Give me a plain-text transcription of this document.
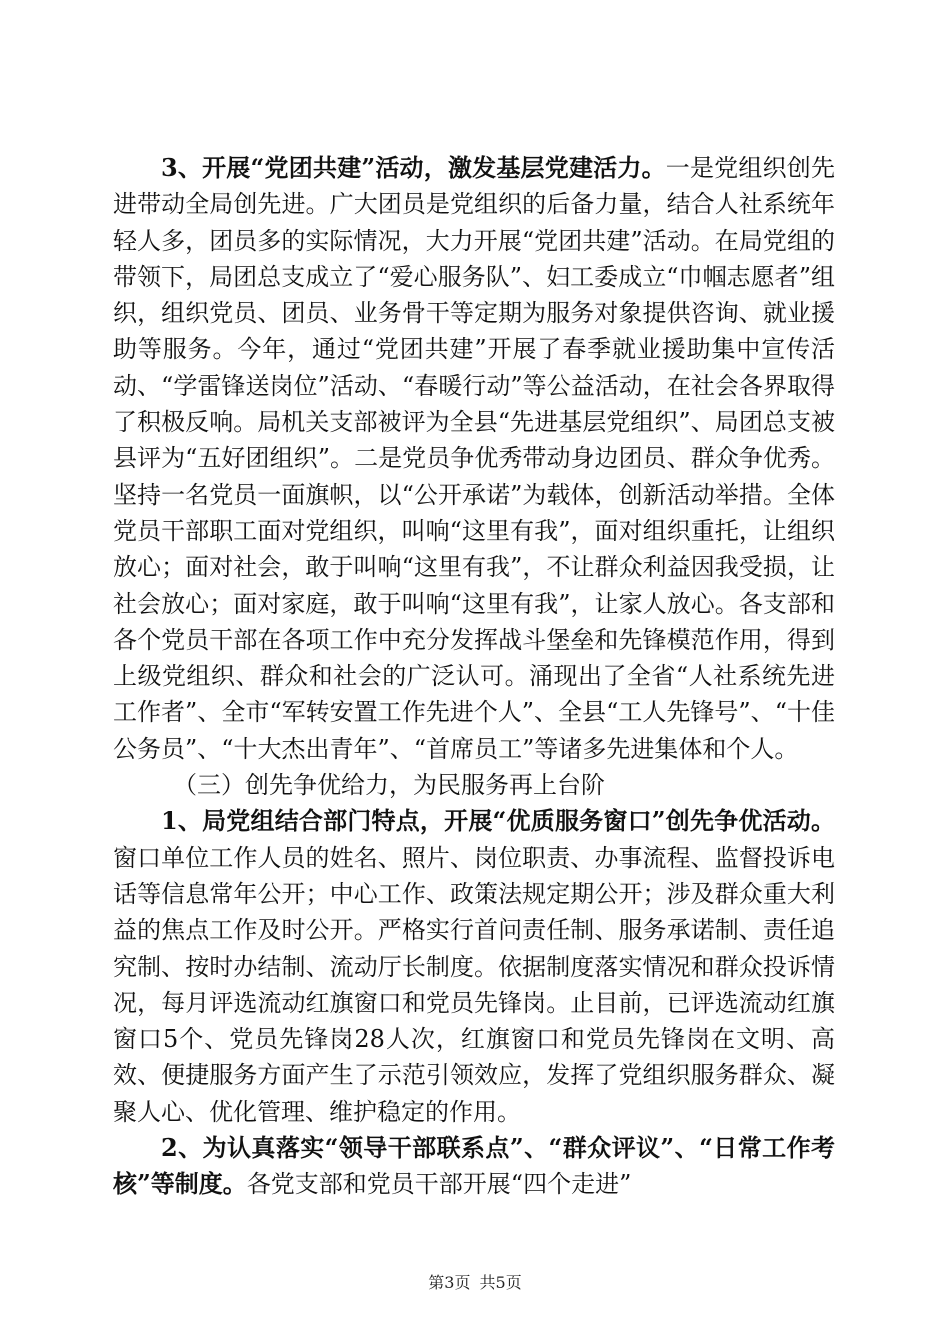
3、开展“党团共建”活动，激发基层党建活力。一是党组织创先进带动全局创先进。广大团员是党组织的后备力量，结合人社系统年轻人多，团员多的实际情况，大力开展“党团共建”活动。在局党组的带领下，局团总支成立了“爱心服务队”、妇工委成立“巾帼志愿者”组织，组织党员、团员、业务骨干等定期为服务对象提供咨询、就业援助等服务。今年，通过“党团共建”开展了春季就业援助集中宣传活动、“学雷锋送岗位”活动、“春暖行动”等公益活动，在社会各界取得了积极反响。局机关支部被评为全县“先进基层党组织”、局团总支被县评为“五好团组织”。二是党员争优秀带动身边团员、群众争优秀。坚持一名党员一面旗帜，以“公开承诺”为载体，创新活动举措。全体党员干部职工面对党组织，叫响“这里有我”，面对组织重托，让组织放心；面对社会，敢于叫响“这里有我”，不让群众利益因我受损，让社会放心；面对家庭，敢于叫响“这里有我”，让家人放心。各支部和各个党员干部在各项工作中充分发挥战斗堡垒和先锋模范作用，得到上级党组织、群众和社会的广泛认可。涌现出了全省“人社系统先进工作者”、全市“军转安置工作先进个人”、全县“工人先锋号”、“十佳公务员”、“十大杰出青年”、“首席员工”等诸多先进集体和个人。

（三）创先争优给力，为民服务再上台阶

1、局党组结合部门特点，开展“优质服务窗口”创先争优活动。窗口单位工作人员的姓名、照片、岗位职责、办事流程、监督投诉电话等信息常年公开；中心工作、政策法规定期公开；涉及群众重大利益的焦点工作及时公开。严格实行首问责任制、服务承诺制、责任追究制、按时办结制、流动厅长制度。依据制度落实情况和群众投诉情况，每月评选流动红旗窗口和党员先锋岗。止目前，已评选流动红旗窗口5个、党员先锋岗28人次，红旗窗口和党员先锋岗在文明、高效、便捷服务方面产生了示范引领效应，发挥了党组织服务群众、凝聚人心、优化管理、维护稳定的作用。

2、为认真落实“领导干部联系点”、“群众评议”、“日常工作考核”等制度。各党支部和党员干部开展“四个走进”

第3页 共5页
